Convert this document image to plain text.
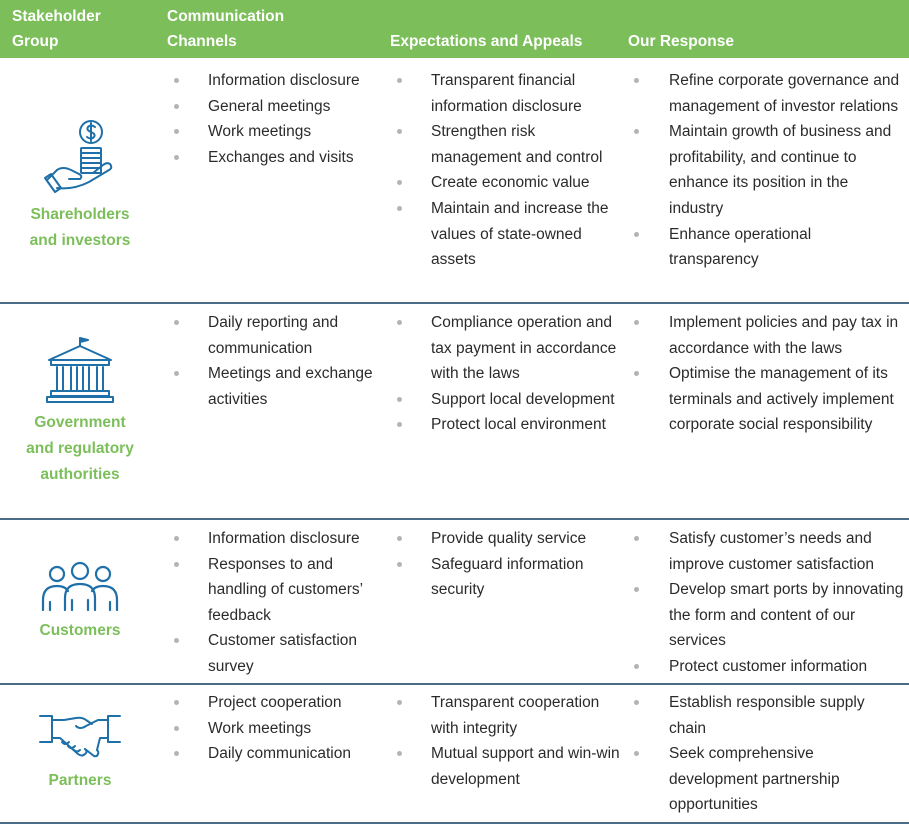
Stakeholder
Group
Communication
Channels	Expectations and Appeals	Our Response
Shareholders
and investors
Information disclosure
General meetings
Work meetings
Exchanges and visits
Transparent financial information disclosure
Strengthen risk management and control
Create economic value
Maintain and increase the values of state-owned assets
Refine corporate governance and management of investor relations
Maintain growth of business and profitability, and continue to enhance its position in the industry
Enhance operational transparency
Government
and regulatory
authorities
Daily reporting and communication
Meetings and exchange activities
Compliance operation and tax payment in accordance with the laws
Support local development
Protect local environment
Implement policies and pay tax in accordance with the laws
Optimise the management of its terminals and actively implement corporate social responsibility
Customers
Information disclosure
Responses to and handling of customers’ feedback
Customer satisfaction survey
Provide quality service
Safeguard information security
Satisfy customer’s needs and improve customer satisfaction
Develop smart ports by innovating the form and content of our services
Protect customer information
Partners
Project cooperation
Work meetings
Daily communication
Transparent cooperation with integrity
Mutual support and win-win development
Establish responsible supply chain
Seek comprehensive development partnership opportunities
